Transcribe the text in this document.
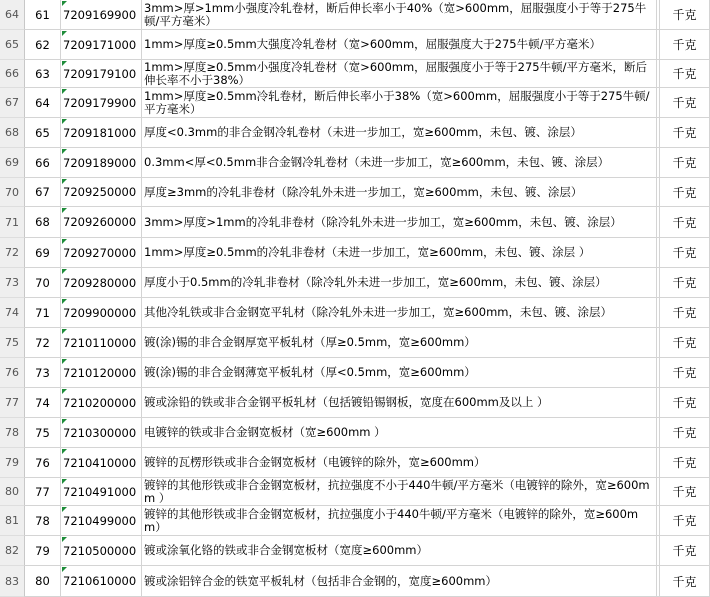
64	61	7209169900 3mm>厚>1mm小强度冷轧卷材，断后伸长率小于40%（宽>600mm，屈服强度小于等于275牛顿/平方毫米）	千克
65	62	7209171000 1mm>厚度≥0.5mm大强度冷轧卷材（宽>600mm，屈服强度大于275牛顿/平方毫米）	千克
66	63	7209179100 1mm>厚度≥0.5mm小强度冷轧卷材（宽>600mm，屈服强度小于等于275牛顿/平方毫米，断后伸长率不小于38%）	千克
67	64	7209179900 1mm>厚度≥0.5mm冷轧卷材，断后伸长率小于38%（宽>600mm，屈服强度小于等于275牛顿/平方毫米）	千克
68	65	7209181000 厚度<0.3mm的非合金钢冷轧卷材（未进一步加工，宽≥600mm，未包、镀、涂层）	千克
69	66	7209189000 0.3mm<厚<0.5mm非合金钢冷轧卷材（未进一步加工，宽≥600mm，未包、镀、涂层）	千克
70	67	7209250000 厚度≥3mm的冷轧非卷材（除冷轧外未进一步加工，宽≥600mm，未包、镀、涂层）	千克
71	68	7209260000 3mm>厚度>1mm的冷轧非卷材（除冷轧外未进一步加工，宽≥600mm，未包、镀、涂层）	千克
72	69	7209270000 1mm>厚度≥0.5mm的冷轧非卷材（未进一步加工，宽≥600mm，未包、镀、涂层 ）	千克
73	70	7209280000 厚度小于0.5mm的冷轧非卷材（除冷轧外未进一步加工，宽≥600mm，未包、镀、涂层）	千克
74	71	7209900000 其他冷轧铁或非合金钢宽平轧材（除冷轧外未进一步加工，宽≥600mm，未包、镀、涂层）	千克
75	72	7210110000 镀(涂)锡的非合金钢厚宽平板轧材（厚≥0.5mm，宽≥600mm）	千克
76	73	7210120000 镀(涂)锡的非合金钢薄宽平板轧材（厚<0.5mm，宽≥600mm）	千克
77	74	7210200000 镀或涂铅的铁或非合金钢平板轧材（包括镀铅锡钢板，宽度在600mm及以上 ）	千克
78	75	7210300000 电镀锌的铁或非合金钢宽板材（宽≥600mm ）	千克
79	76	7210410000 镀锌的瓦楞形铁或非合金钢宽板材（电镀锌的除外，宽≥600mm）	千克
80	77	7210491000 镀锌的其他形铁或非合金钢宽板材，抗拉强度不小于440牛顿/平方毫米（电镀锌的除外，宽≥600mm ）	千克
81	78	7210499000 镀锌的其他形铁或非合金钢宽板材，抗拉强度小于440牛顿/平方毫米（电镀锌的除外，宽≥600mm）	千克
82	79	7210500000 镀或涂氧化铬的铁或非合金钢宽板材（宽度≥600mm）	千克
83	80	7210610000 镀或涂铝锌合金的铁宽平板轧材（包括非合金钢的，宽度≥600mm）	千克
